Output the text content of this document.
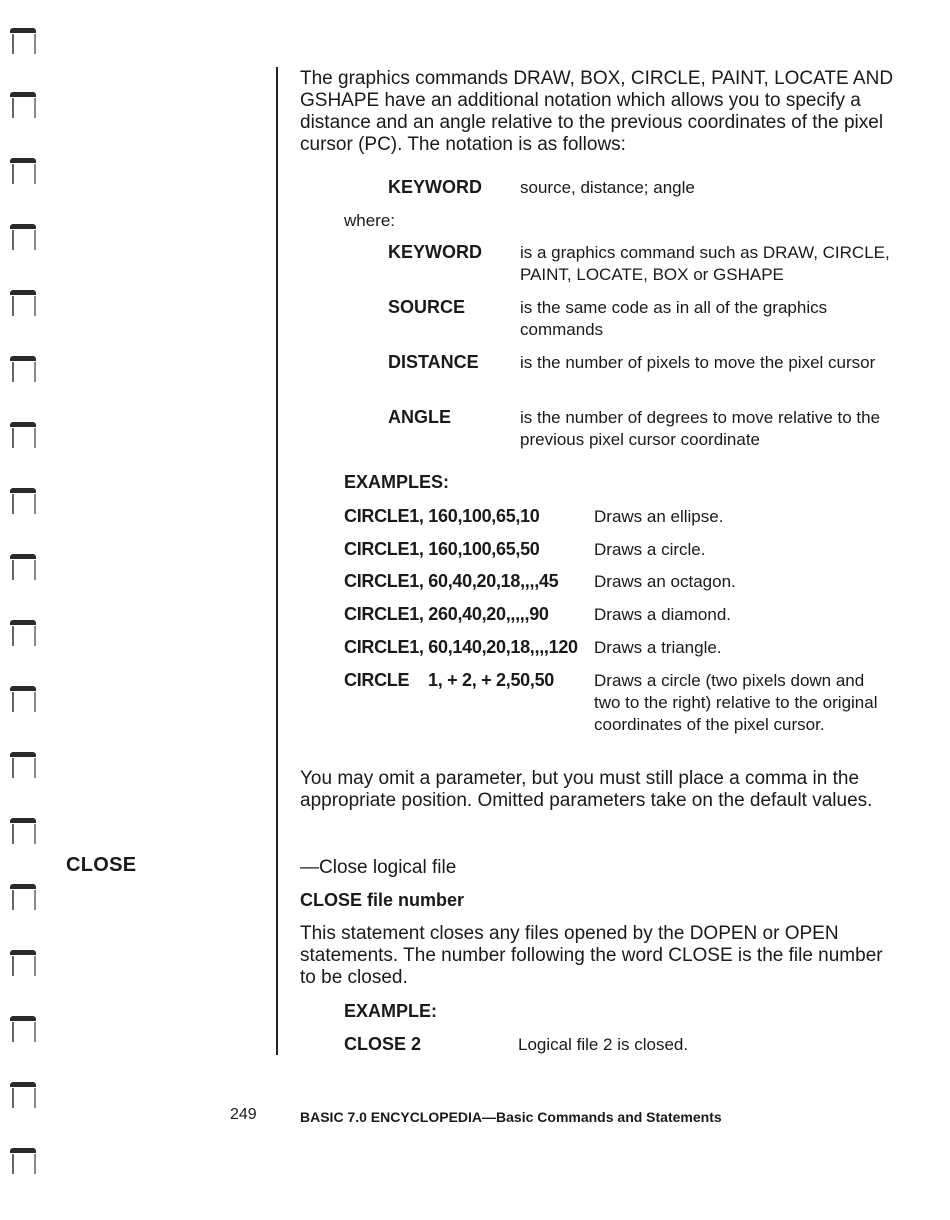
The graphics commands DRAW, BOX, CIRCLE, PAINT, LOCATE AND GSHAPE have an additional notation which allows you to specify a distance and an angle relative to the previous coordinates of the pixel cursor (PC). The notation is as follows:
KEYWORD source, distance; angle
where:
KEYWORD is a graphics command such as DRAW, CIRCLE, PAINT, LOCATE, BOX or GSHAPE
SOURCE	is the same code as in all of the graphics commands
DISTANCE is the number of pixels to move the pixel cursor
ANGLE	is the number of degrees to move relative to the previous pixel cursor coordinate
EXAMPLES:
CIRCLE1, 160,100,65,10	Draws an ellipse.
CIRCLE1, 160,100,65,50	Draws a circle.
CIRCLE1, 60,40,20,18,,,,45 Draws an octagon.
CIRCLE1, 260,40,20,,,,,90	Draws a diamond.
CIRCLE1, 60,140,20,18,,,,120 Draws a triangle.
CIRCLE    1, + 2, + 2,50,50 Draws a circle (two pixels down and two to the right) relative to the original coordinates of the pixel cursor.
You may omit a parameter, but you must still place a comma in the appropriate position. Omitted parameters take on the default values.
CLOSE	—Close logical file
CLOSE file number
This statement closes any files opened by the DOPEN or OPEN statements. The number following the word CLOSE is the file number to be closed.
EXAMPLE:
CLOSE 2	Logical file 2 is closed.
249	BASIC 7.0 ENCYCLOPEDIA—Basic Commands and Statements
